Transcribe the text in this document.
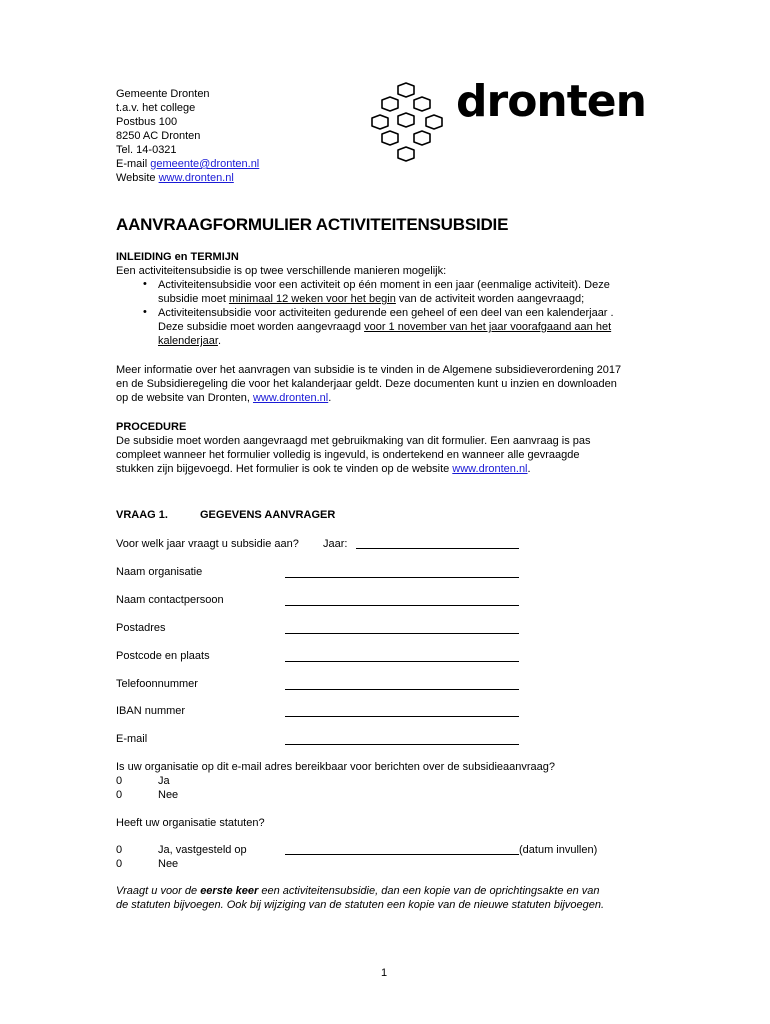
Gemeente Dronten
t.a.v. het college
Postbus 100
8250 AC Dronten
Tel. 14-0321
E-mail gemeente@dronten.nl
Website www.dronten.nl
dronten
AANVRAAGFORMULIER ACTIVITEITENSUBSIDIE
INLEIDING en TERMIJN
Een activiteitensubsidie is op twee verschillende manieren mogelijk:
• Activiteitensubsidie voor een activiteit op één moment in een jaar (eenmalige activiteit). Deze
subsidie moet minimaal 12 weken voor het begin van de activiteit worden aangevraagd;
• Activiteitensubsidie voor activiteiten gedurende een geheel of een deel van een kalenderjaar .
Deze subsidie moet worden aangevraagd voor 1 november van het jaar voorafgaand aan het
kalenderjaar.
Meer informatie over het aanvragen van subsidie is te vinden in de Algemene subsidieverordening 2017
en de Subsidieregeling die voor het kalanderjaar geldt. Deze documenten kunt u inzien en downloaden
op de website van Dronten, www.dronten.nl.
PROCEDURE
De subsidie moet worden aangevraagd met gebruikmaking van dit formulier. Een aanvraag is pas
compleet wanneer het formulier volledig is ingevuld, is ondertekend en wanneer alle gevraagde
stukken zijn bijgevoegd. Het formulier is ook te vinden op de website www.dronten.nl.
VRAAG 1.	GEGEVENS AANVRAGER
Voor welk jaar vraagt u subsidie aan? Jaar:
Naam organisatie
Naam contactpersoon
Postadres
Postcode en plaats
Telefoonnummer
IBAN nummer
E-mail
Is uw organisatie op dit e-mail adres bereikbaar voor berichten over de subsidieaanvraag?
0	Ja
0	Nee
Heeft uw organisatie statuten?
0	Ja, vastgesteld op	(datum invullen)
0	Nee
Vraagt u voor de eerste keer een activiteitensubsidie, dan een kopie van de oprichtingsakte en van
de statuten bijvoegen. Ook bij wijziging van de statuten een kopie van de nieuwe statuten bijvoegen.
1
